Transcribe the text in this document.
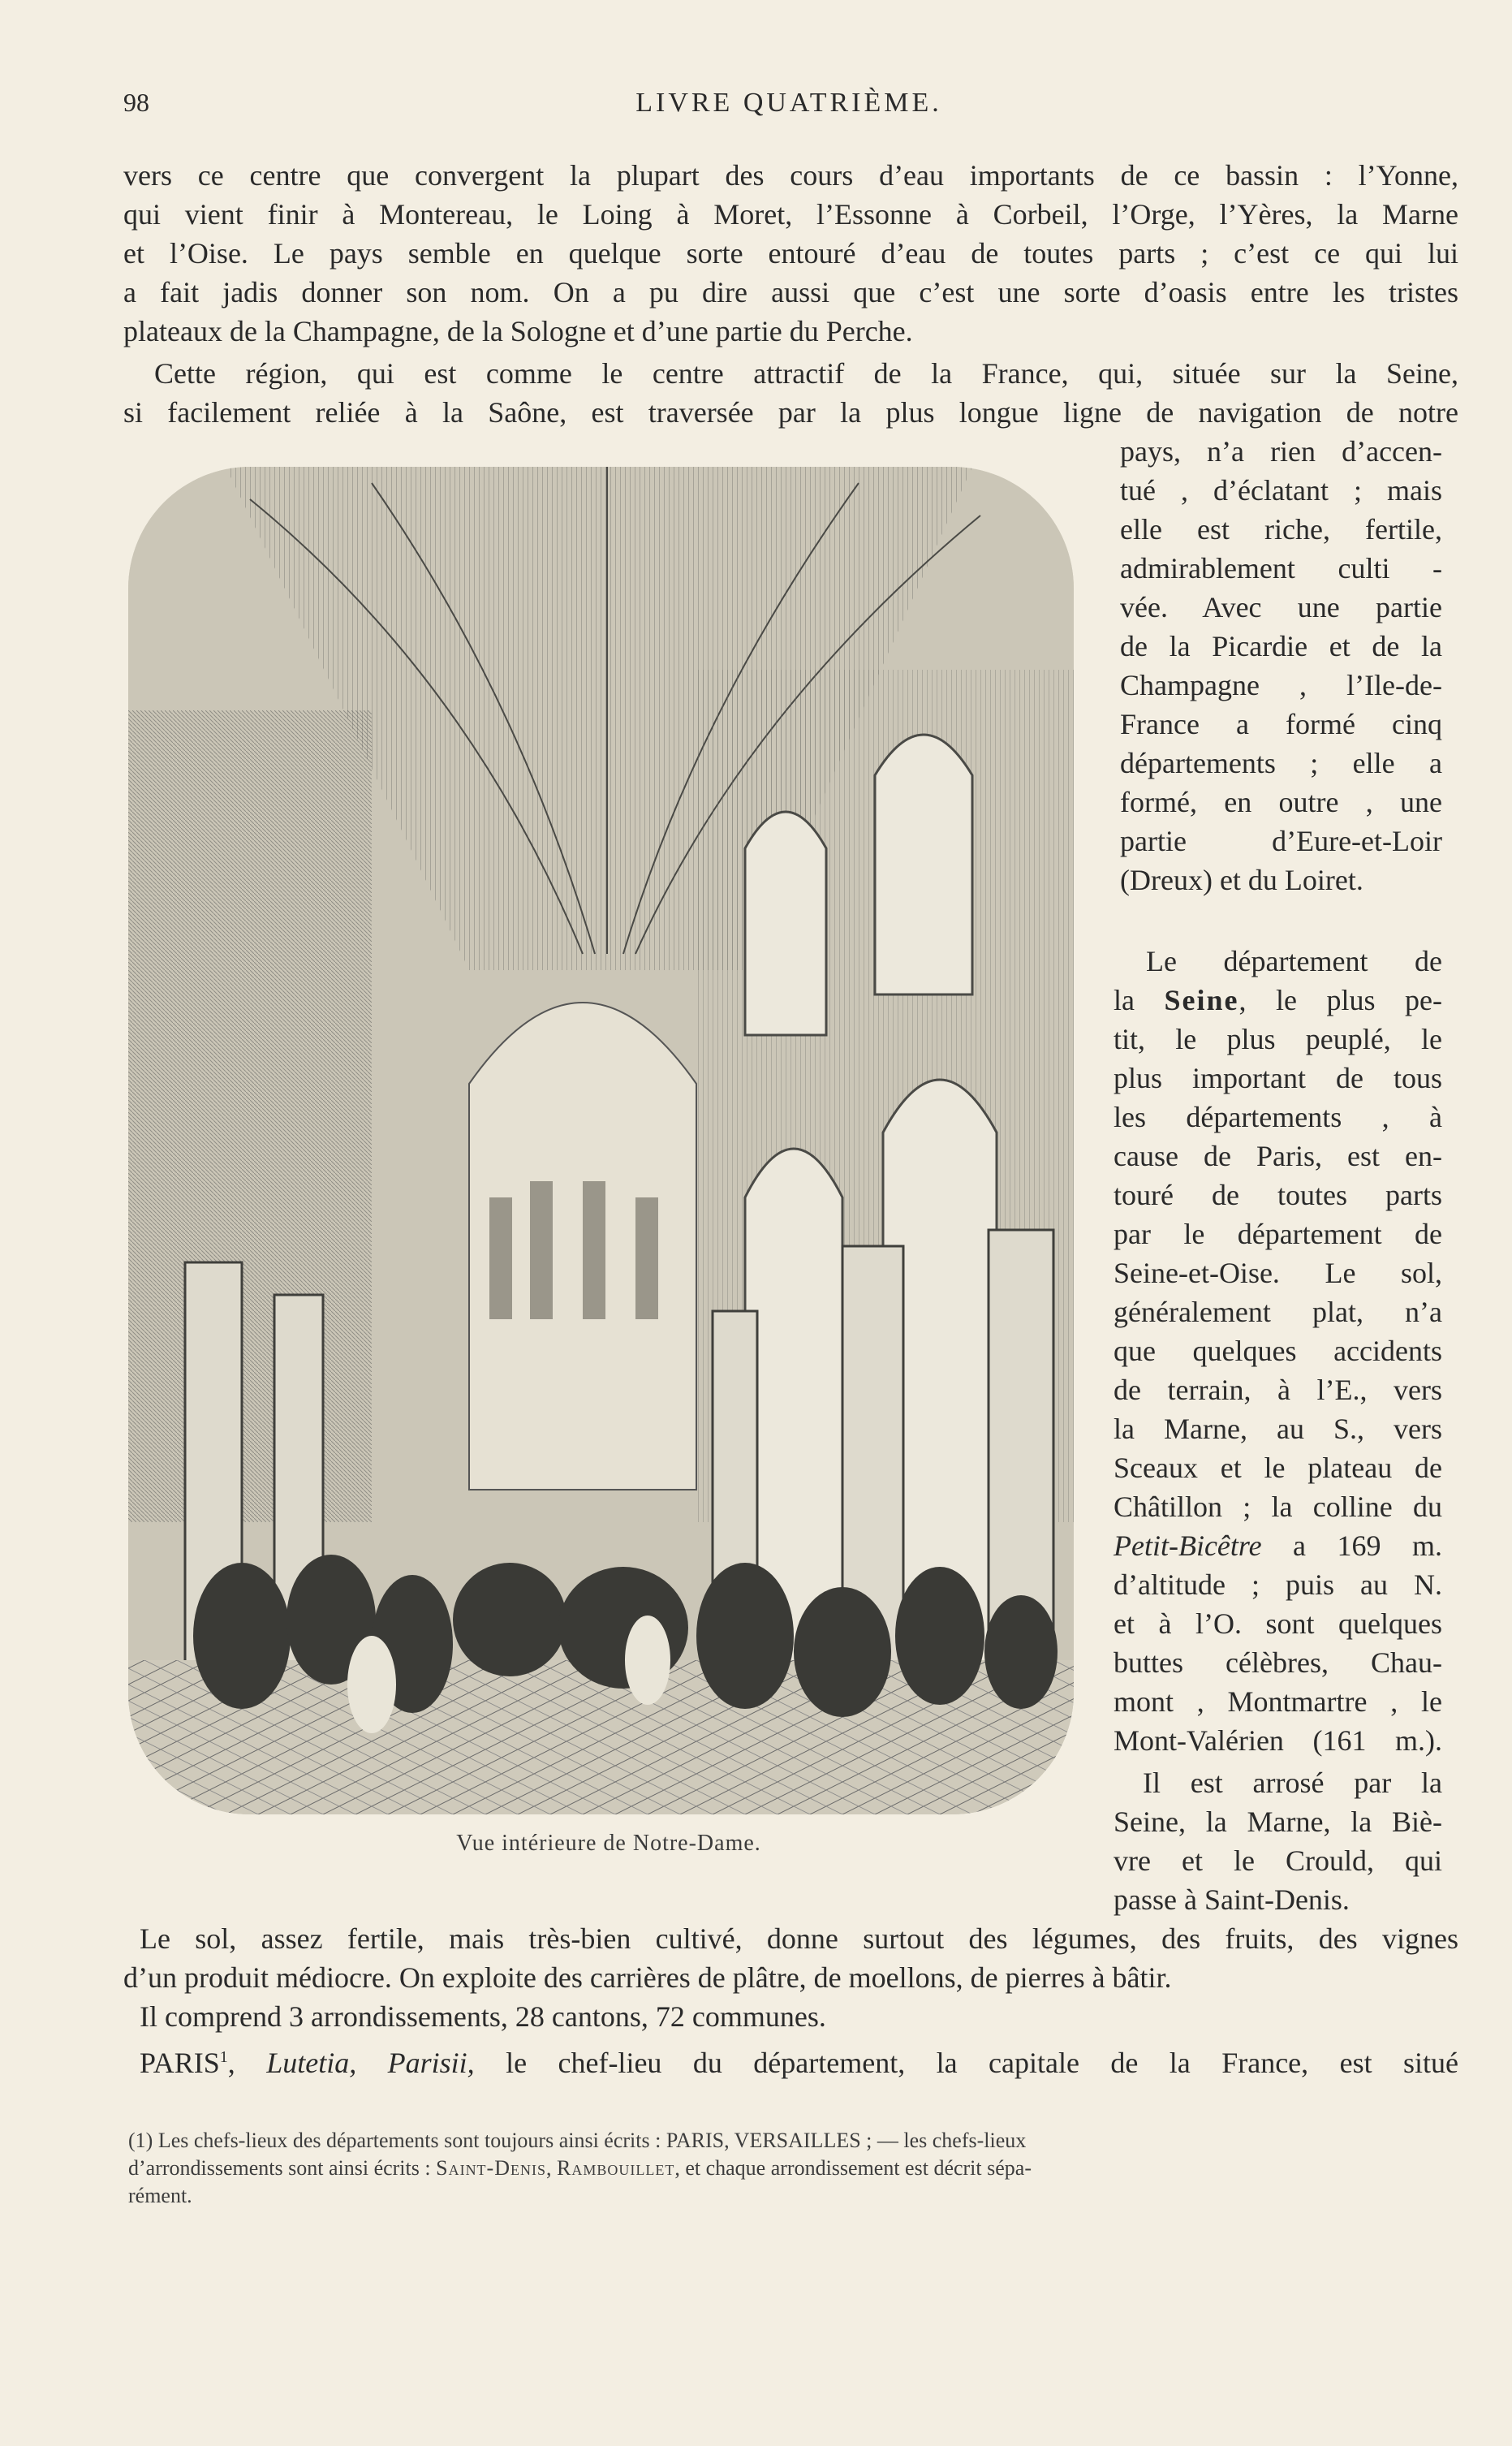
98	LIVRE QUATRIÈME.
vers ce centre que convergent la plupart des cours d’eau importants de ce bassin : l’Yonne,
qui vient finir à Montereau, le Loing à Moret, l’Essonne à Corbeil, l’Orge, l’Yères, la Marne
et l’Oise. Le pays semble en quelque sorte entouré d’eau de toutes parts ; c’est ce qui lui
a fait jadis donner son nom. On a pu dire aussi que c’est une sorte d’oasis entre les tristes
plateaux de la Champagne, de la Sologne et d’une partie du Perche.
Cette région, qui est comme le centre attractif de la France, qui, située sur la Seine,
si facilement reliée à la Saône, est traversée par la plus longue ligne de navigation de notre
pays, n’a rien d’accen-
tué , d’éclatant ; mais
elle est riche, fertile,
admirablement culti -
vée. Avec une partie
de la Picardie et de la
Champagne , l’Ile-de-
France a formé cinq
départements ; elle a
formé, en outre , une
partie d’Eure-et-Loir
(Dreux) et du Loiret.
Le département de
la Seine, le plus pe-
tit, le plus peuplé, le
plus important de tous
les départements , à
cause de Paris, est en-
touré de toutes parts
par le département de
Seine-et-Oise. Le sol,
généralement plat, n’a
que quelques accidents
de terrain, à l’E., vers
la Marne, au S., vers
Sceaux et le plateau de
Châtillon ; la colline du
Petit-Bicêtre a 169 m.
d’altitude ; puis au N.
et à l’O. sont quelques
buttes célèbres, Chau-
mont , Montmartre , le
Mont-Valérien (161 m.).
Il est arrosé par la
Seine, la Marne, la Biè-
vre et le Crould, qui
passe à Saint-Denis.
Vue intérieure de Notre-Dame.
Le sol, assez fertile, mais très-bien cultivé, donne surtout des légumes, des fruits, des vignes
d’un produit médiocre. On exploite des carrières de plâtre, de moellons, de pierres à bâtir.
Il comprend 3 arrondissements, 28 cantons, 72 communes.
PARIS$^1$, Lutetia, Parisii, le chef-lieu du département, la capitale de la France, est situé
(1) Les chefs-lieux des départements sont toujours ainsi écrits : PARIS, VERSAILLES ; — les chefs-lieux
d’arrondissements sont ainsi écrits : Saint-Denis, Rambouillet, et chaque arrondissement est décrit sépa-
rément.
